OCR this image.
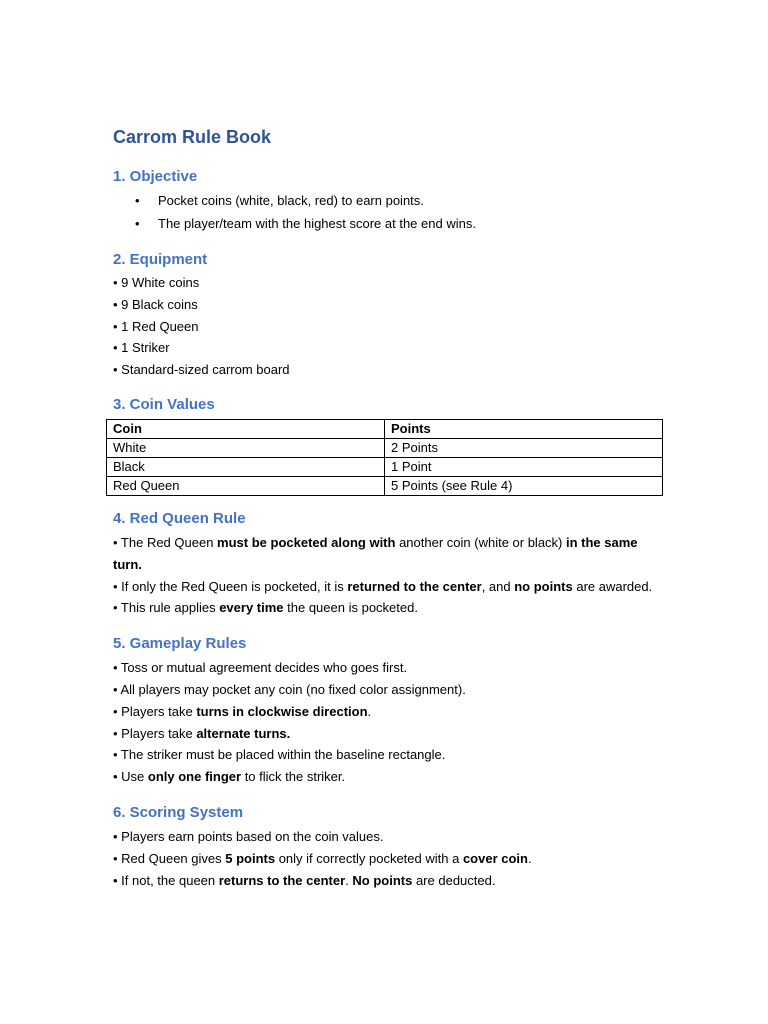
Carrom Rule Book
1. Objective
• Pocket coins (white, black, red) to earn points.
• The player/team with the highest score at the end wins.
2. Equipment

• 9 White coins

• 9 Black coins

• 1 Red Queen

• 1 Striker

• Standard-sized carrom board

3. Coin Values
Coin	Points
White	2 Points
Black	1 Point
Red Queen	5 Points (see Rule 4)
4. Red Queen Rule

• The Red Queen must be pocketed along with another coin (white or black) in the same turn.

• If only the Red Queen is pocketed, it is returned to the center, and no points are awarded.

• This rule applies every time the queen is pocketed.

5. Gameplay Rules

• Toss or mutual agreement decides who goes first.

• All players may pocket any coin (no fixed color assignment).

• Players take turns in clockwise direction.

• Players take alternate turns.

• The striker must be placed within the baseline rectangle.

• Use only one finger to flick the striker.

6. Scoring System

• Players earn points based on the coin values.

• Red Queen gives 5 points only if correctly pocketed with a cover coin.

• If not, the queen returns to the center. No points are deducted.
